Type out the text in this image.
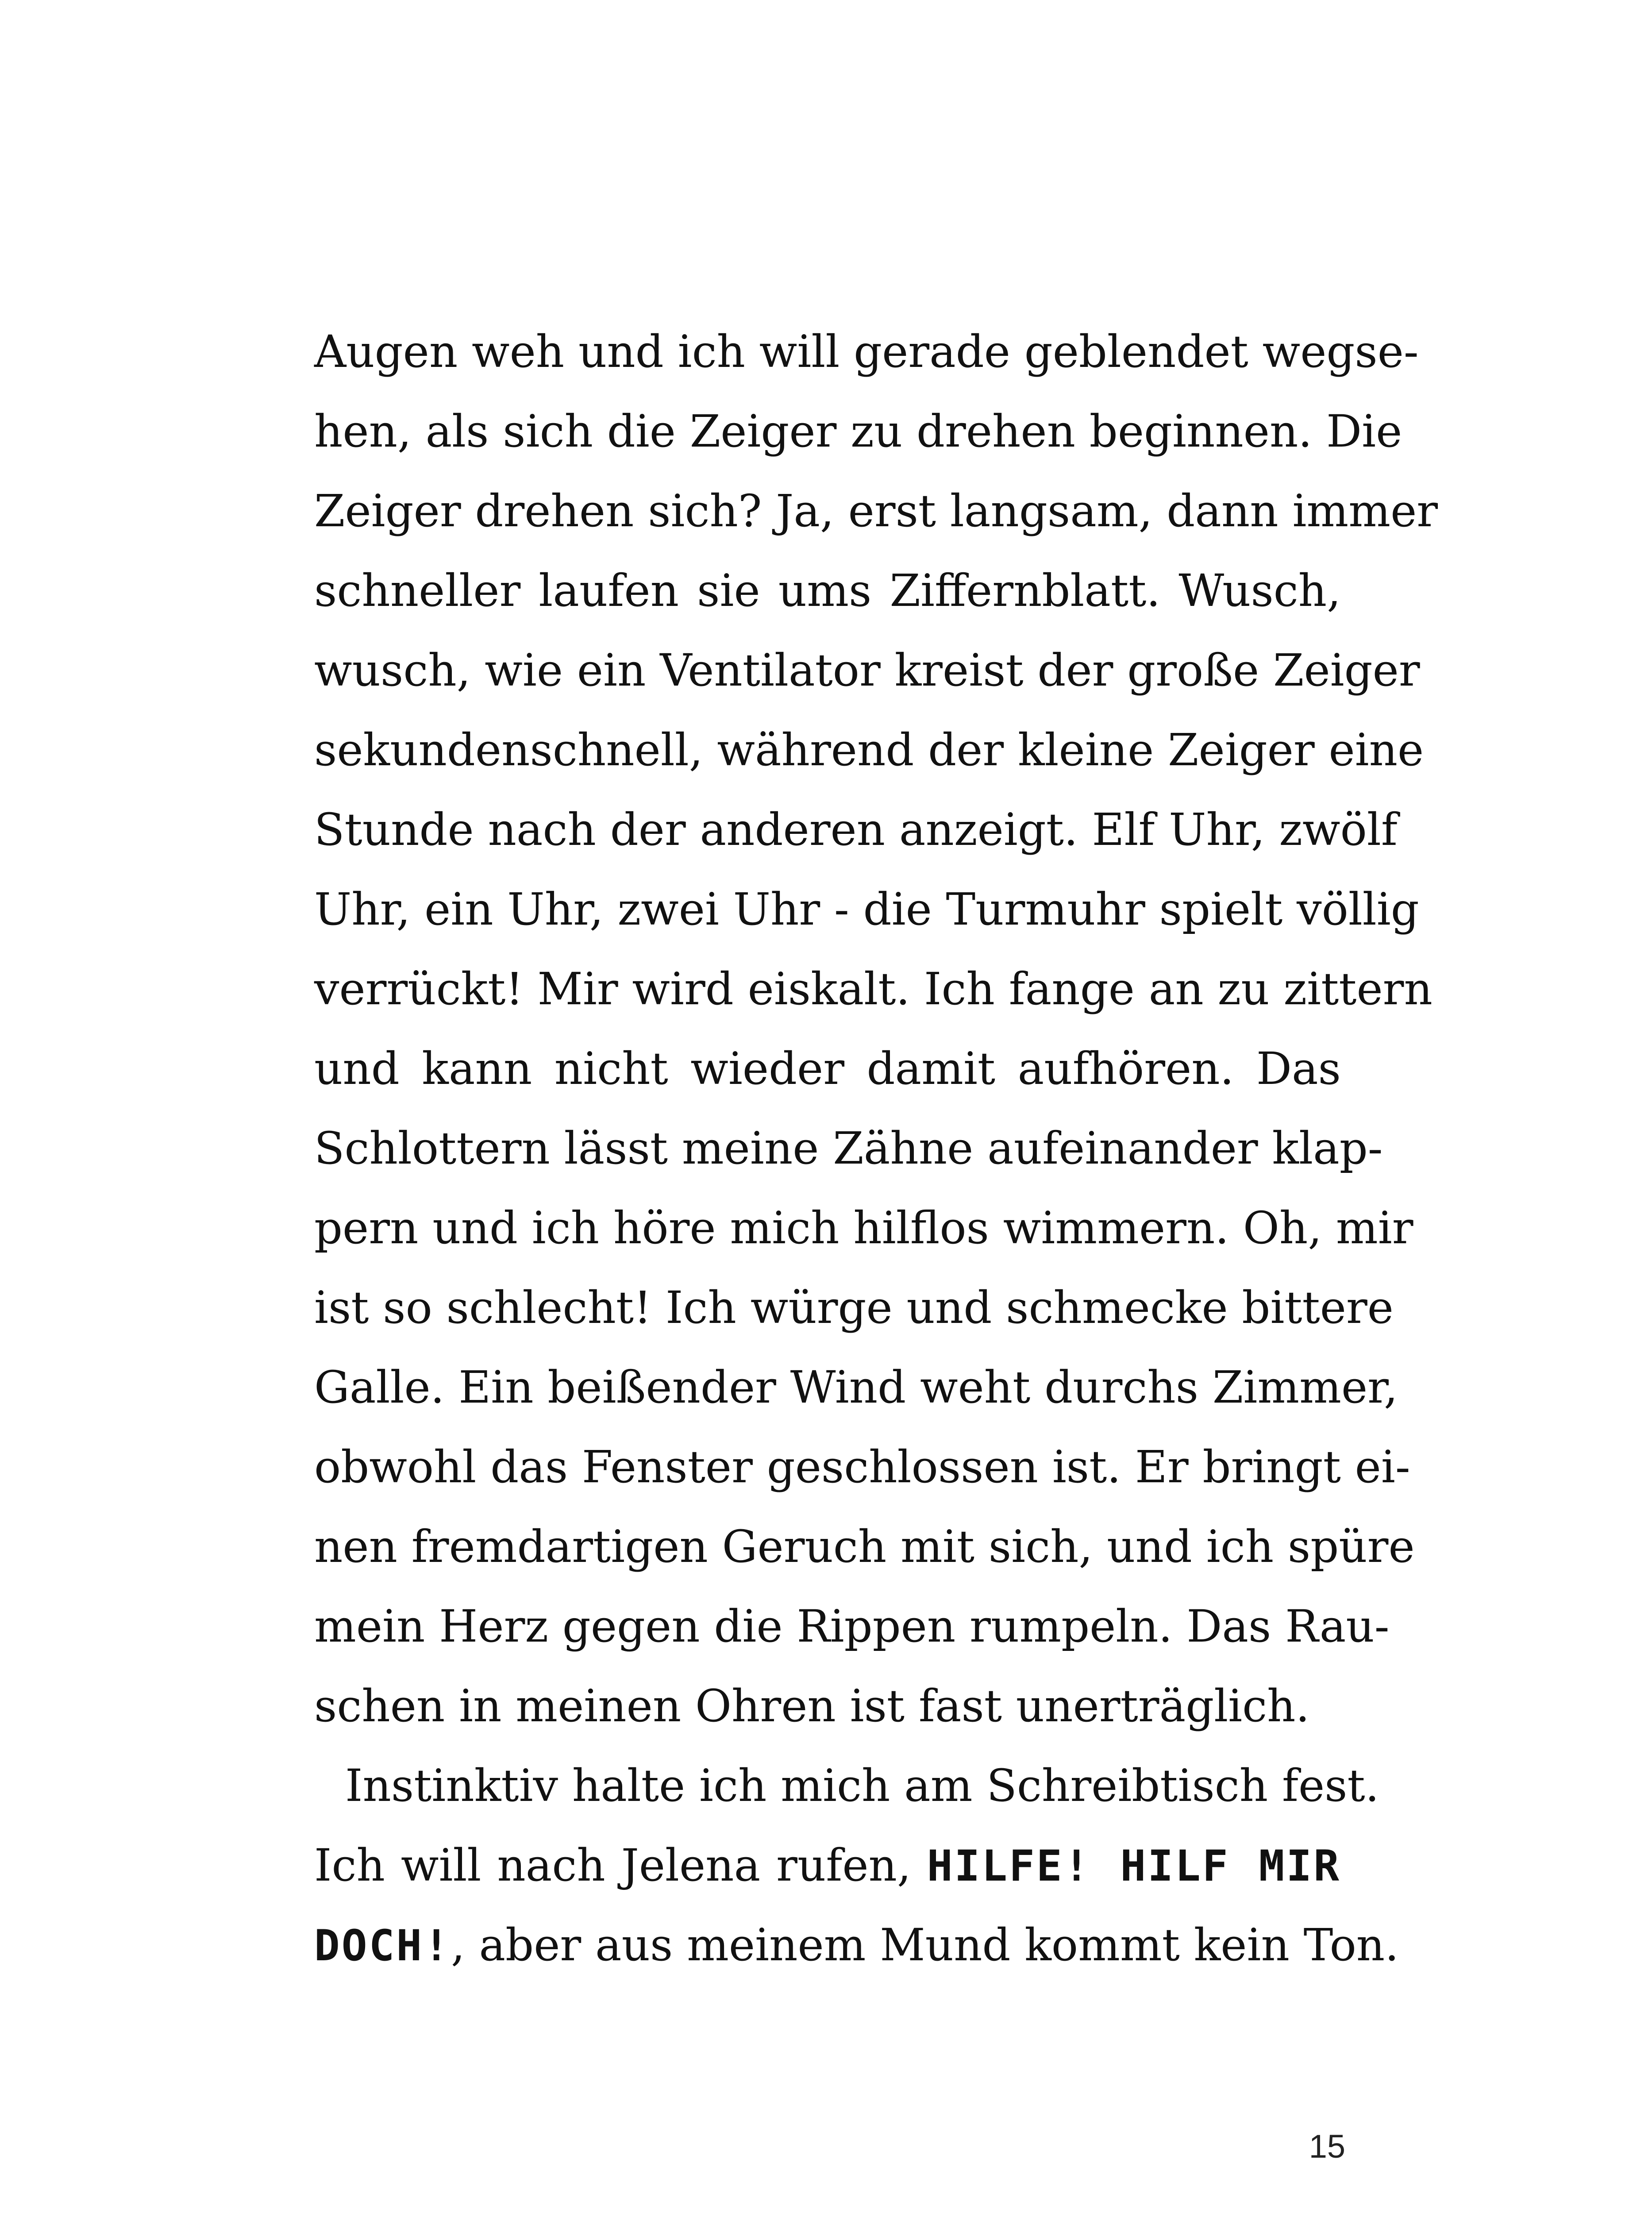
Augen weh und ich will gerade geblendet wegse-
hen, als sich die Zeiger zu drehen beginnen. Die
Zeiger drehen sich? Ja, erst langsam, dann immer
schneller laufen sie ums Ziffernblatt. Wusch,
wusch, wie ein Ventilator kreist der große Zeiger
sekundenschnell, während der kleine Zeiger eine
Stunde nach der anderen anzeigt. Elf Uhr, zwölf
Uhr, ein Uhr, zwei Uhr - die Turmuhr spielt völlig
verrückt! Mir wird eiskalt. Ich fange an zu zittern
und kann nicht wieder damit aufhören. Das
Schlottern lässt meine Zähne aufeinander klap-
pern und ich höre mich hilflos wimmern. Oh, mir
ist so schlecht! Ich würge und schmecke bittere
Galle. Ein beißender Wind weht durchs Zimmer,
obwohl das Fenster geschlossen ist. Er bringt ei-
nen fremdartigen Geruch mit sich, und ich spüre
mein Herz gegen die Rippen rumpeln. Das Rau-
schen in meinen Ohren ist fast unerträglich.
Instinktiv halte ich mich am Schreibtisch fest.
Ich will nach Jelena rufen, HILFE! HILF MIR
DOCH!, aber aus meinem Mund kommt kein Ton.
15
